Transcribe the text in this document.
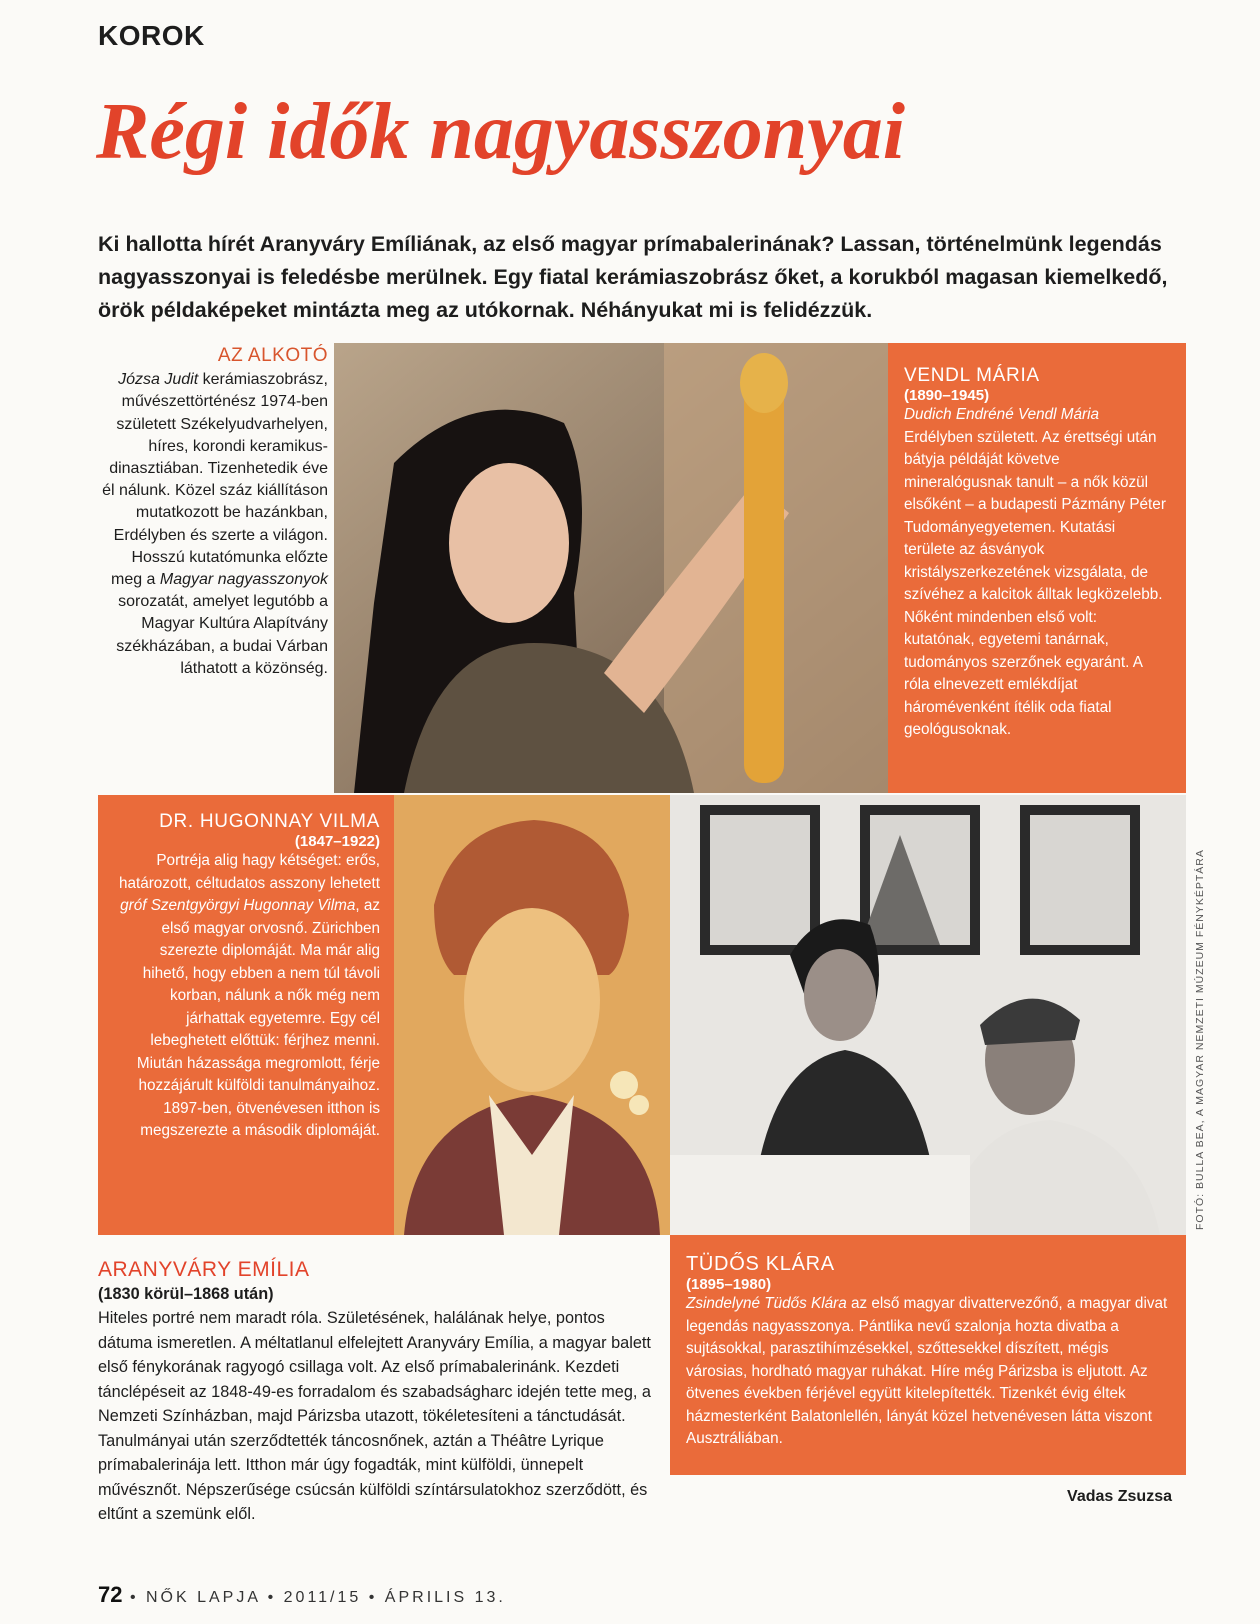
KOROK
Régi idők nagyasszonyai
Ki hallotta hírét Aranyváry Emíliának, az első magyar prímabalerinának? Lassan, történelmünk legendás nagyasszonyai is feledésbe merülnek. Egy fiatal kerámiaszobrász őket, a korukból magasan kiemelkedő, örök példaképeket mintázta meg az utókornak. Néhányukat mi is felidézzük.
AZ ALKOTÓ
Józsa Judit kerámiaszobrász, művészettörténész 1974-ben született Székelyudvarhelyen, híres, korondi keramikus-dinasztiában. Tizenhetedik éve él nálunk. Közel száz kiállításon mutatkozott be hazánkban, Erdélyben és szerte a világon. Hosszú kutatómunka előzte meg a Magyar nagyasszonyok sorozatát, amelyet legutóbb a Magyar Kultúra Alapítvány székházában, a budai Várban láthatott a közönség.
VENDL MÁRIA
(1890–1945)
Dudich Endréné Vendl Mária Erdélyben született. Az érettségi után bátyja példáját követve mineralógusnak tanult – a nők közül elsőként – a budapesti Pázmány Péter Tudományegyetemen. Kutatási területe az ásványok kristályszerkezetének vizsgálata, de szívéhez a kalcitok álltak legközelebb. Nőként mindenben első volt: kutatónak, egyetemi tanárnak, tudományos szerzőnek egyaránt. A róla elnevezett emlékdíjat háromévenként ítélik oda fiatal geológusoknak.
DR. HUGONNAY VILMA
(1847–1922)
Portréja alig hagy kétséget: erős, határozott, céltudatos asszony lehetett gróf Szentgyörgyi Hugonnay Vilma, az első magyar orvosnő. Zürichben szerezte diplomáját. Ma már alig hihető, hogy ebben a nem túl távoli korban, nálunk a nők még nem járhattak egyetemre. Egy cél lebeghetett előttük: férjhez menni. Miután házassága megromlott, férje hozzájárult külföldi tanulmányaihoz. 1897-ben, ötvenévesen itthon is megszerezte a második diplomáját.	FOTÓ: BULLA BEA, A MAGYAR NEMZETI MÚZEUM FÉNYKÉPTÁRA
ARANYVÁRY EMÍLIA
(1830 körül–1868 után)
Hiteles portré nem maradt róla. Születésének, halálának helye, pontos dátuma ismeretlen. A méltatlanul elfelejtett Aranyváry Emília, a magyar balett első fénykorának ragyogó csillaga volt. Az első prímabalerinánk. Kezdeti tánclépéseit az 1848-49-es forradalom és szabadságharc idején tette meg, a Nemzeti Színházban, majd Párizsba utazott, tökéletesíteni a tánctudását. Tanulmányai után szerződtették táncosnőnek, aztán a Théâtre Lyrique prímabalerinája lett. Itthon már úgy fogadták, mint külföldi, ünnepelt művésznőt. Népszerűsége csúcsán külföldi színtársulatokhoz szerződött, és eltűnt a szemünk elől.
TÜDŐS KLÁRA
(1895–1980)
Zsindelyné Tüdős Klára az első magyar divattervezőnő, a magyar divat legendás nagyasszonya. Pántlika nevű szalonja hozta divatba a sujtásokkal, parasztihímzésekkel, szőttesekkel díszített, mégis városias, hordható magyar ruhákat. Híre még Párizsba is eljutott. Az ötvenes években férjével együtt kitelepítették. Tizenkét évig éltek házmesterként Balatonlellén, lányát közel hetvenévesen látta viszont Ausztráliában.
Vadas Zsuzsa
72 • NŐK LAPJA • 2011/15 • ÁPRILIS 13.
